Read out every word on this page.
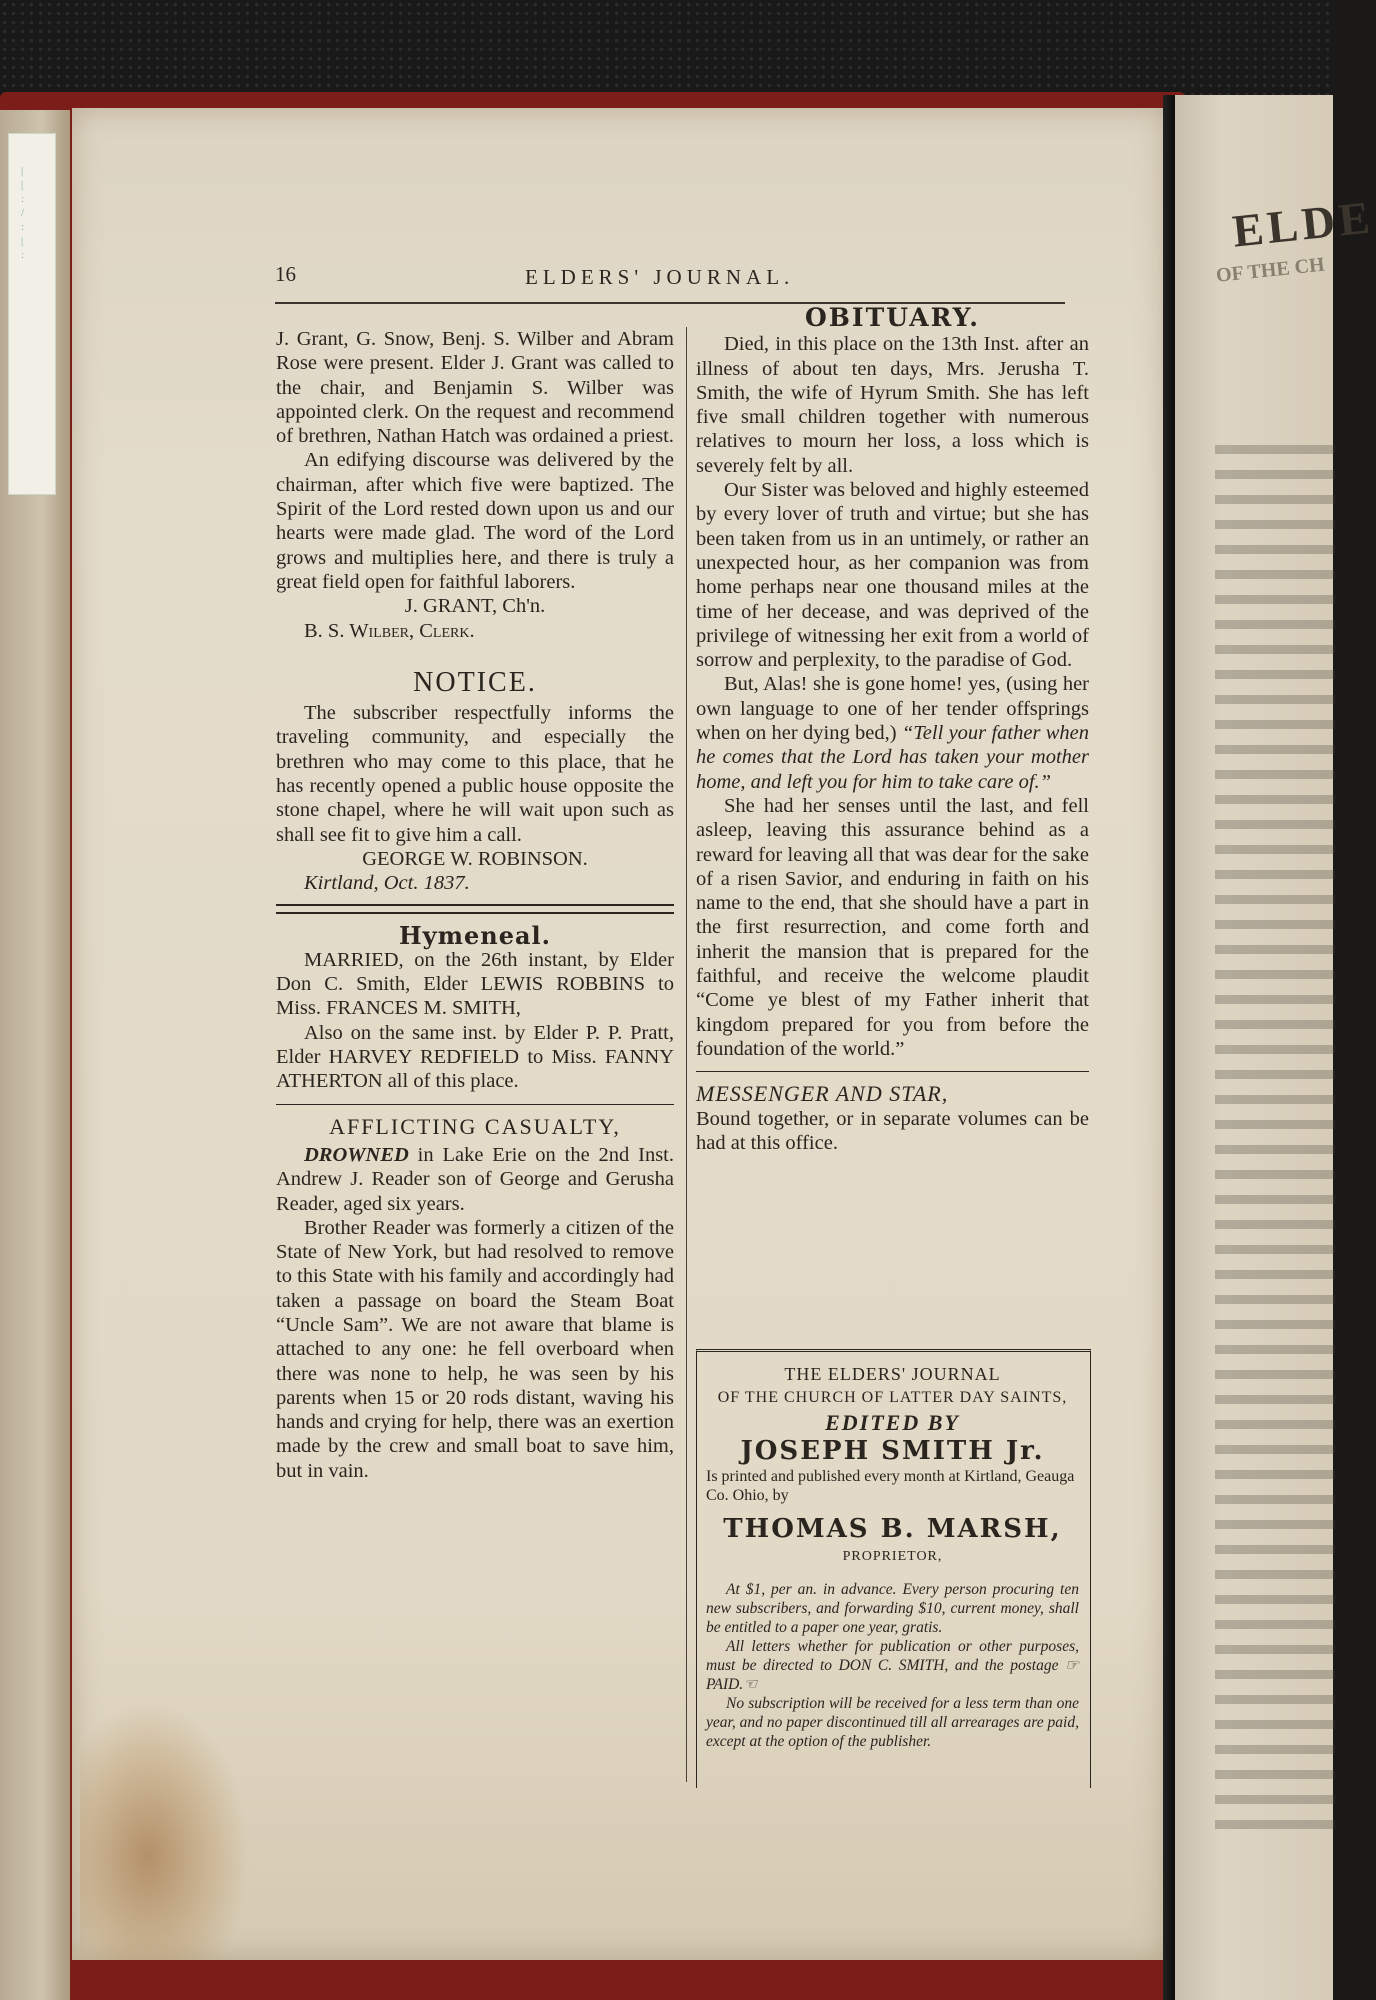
|
|
:
/
:
|
:
16	ELDERS' JOURNAL.

J. Grant, G. Snow, Benj. S. Wilber and Abram Rose were present. Elder J. Grant was called to the chair, and Benjamin S. Wilber was appointed clerk. On the request and recommend of brethren, Nathan Hatch was ordained a priest.

An edifying discourse was delivered by the chairman, after which five were baptized. The Spirit of the Lord rested down upon us and our hearts were made glad. The word of the Lord grows and multiplies here, and there is truly a great field open for faithful laborers.

J. GRANT, Ch'n.

B. S. Wilber, Clerk.

NOTICE.

The subscriber respectfully informs the traveling community, and especially the brethren who may come to this place, that he has recently opened a public house opposite the stone chapel, where he will wait upon such as shall see fit to give him a call.

GEORGE W. ROBINSON.

Kirtland, Oct. 1837.

Hymeneal.

MARRIED, on the 26th instant, by Elder Don C. Smith, Elder LEWIS ROBBINS to Miss. FRANCES M. SMITH,

Also on the same inst. by Elder P. P. Pratt, Elder HARVEY REDFIELD to Miss. FANNY ATHERTON all of this place.

AFFLICTING CASUALTY,

DROWNED in Lake Erie on the 2nd Inst. Andrew J. Reader son of George and Gerusha Reader, aged six years.

Brother Reader was formerly a citizen of the State of New York, but had resolved to remove to this State with his family and accordingly had taken a passage on board the Steam Boat “Uncle Sam”. We are not aware that blame is attached to any one: he fell overboard when there was none to help, he was seen by his parents when 15 or 20 rods distant, waving his hands and crying for help, there was an exertion made by the crew and small boat to save him, but in vain.

OBITUARY.

Died, in this place on the 13th Inst. after an illness of about ten days, Mrs. Jerusha T. Smith, the wife of Hyrum Smith. She has left five small children together with numerous relatives to mourn her loss, a loss which is severely felt by all.

Our Sister was beloved and highly esteemed by every lover of truth and virtue; but she has been taken from us in an untimely, or rather an unexpected hour, as her companion was from home perhaps near one thousand miles at the time of her decease, and was deprived of the privilege of witnessing her exit from a world of sorrow and perplexity, to the paradise of God.

But, Alas! she is gone home! yes, (using her own language to one of her tender offsprings when on her dying bed,) “Tell your father when he comes that the Lord has taken your mother home, and left you for him to take care of.”

She had her senses until the last, and fell asleep, leaving this assurance behind as a reward for leaving all that was dear for the sake of a risen Savior, and enduring in faith on his name to the end, that she should have a part in the first resurrection, and come forth and inherit the mansion that is prepared for the faithful, and receive the welcome plaudit “Come ye blest of my Father inherit that kingdom prepared for you from before the foundation of the world.”

MESSENGER AND STAR,

Bound together, or in separate volumes can be had at this office.

THE ELDERS' JOURNAL
OF THE CHURCH OF LATTER DAY SAINTS,
EDITED BY
JOSEPH SMITH Jr.
Is printed and published every month at Kirtland, Geauga Co. Ohio, by
THOMAS B. MARSH,
PROPRIETOR,

At $1, per an. in advance. Every person procuring ten new subscribers, and forwarding $10, current money, shall be entitled to a paper one year, gratis.

All letters whether for publication or other purposes, must be directed to DON C. SMITH, and the postage ☞PAID.☜

No subscription will be received for a less term than one year, and no paper discontinued till all arrearages are paid, except at the option of the publisher.

ELDE
OF THE CH
